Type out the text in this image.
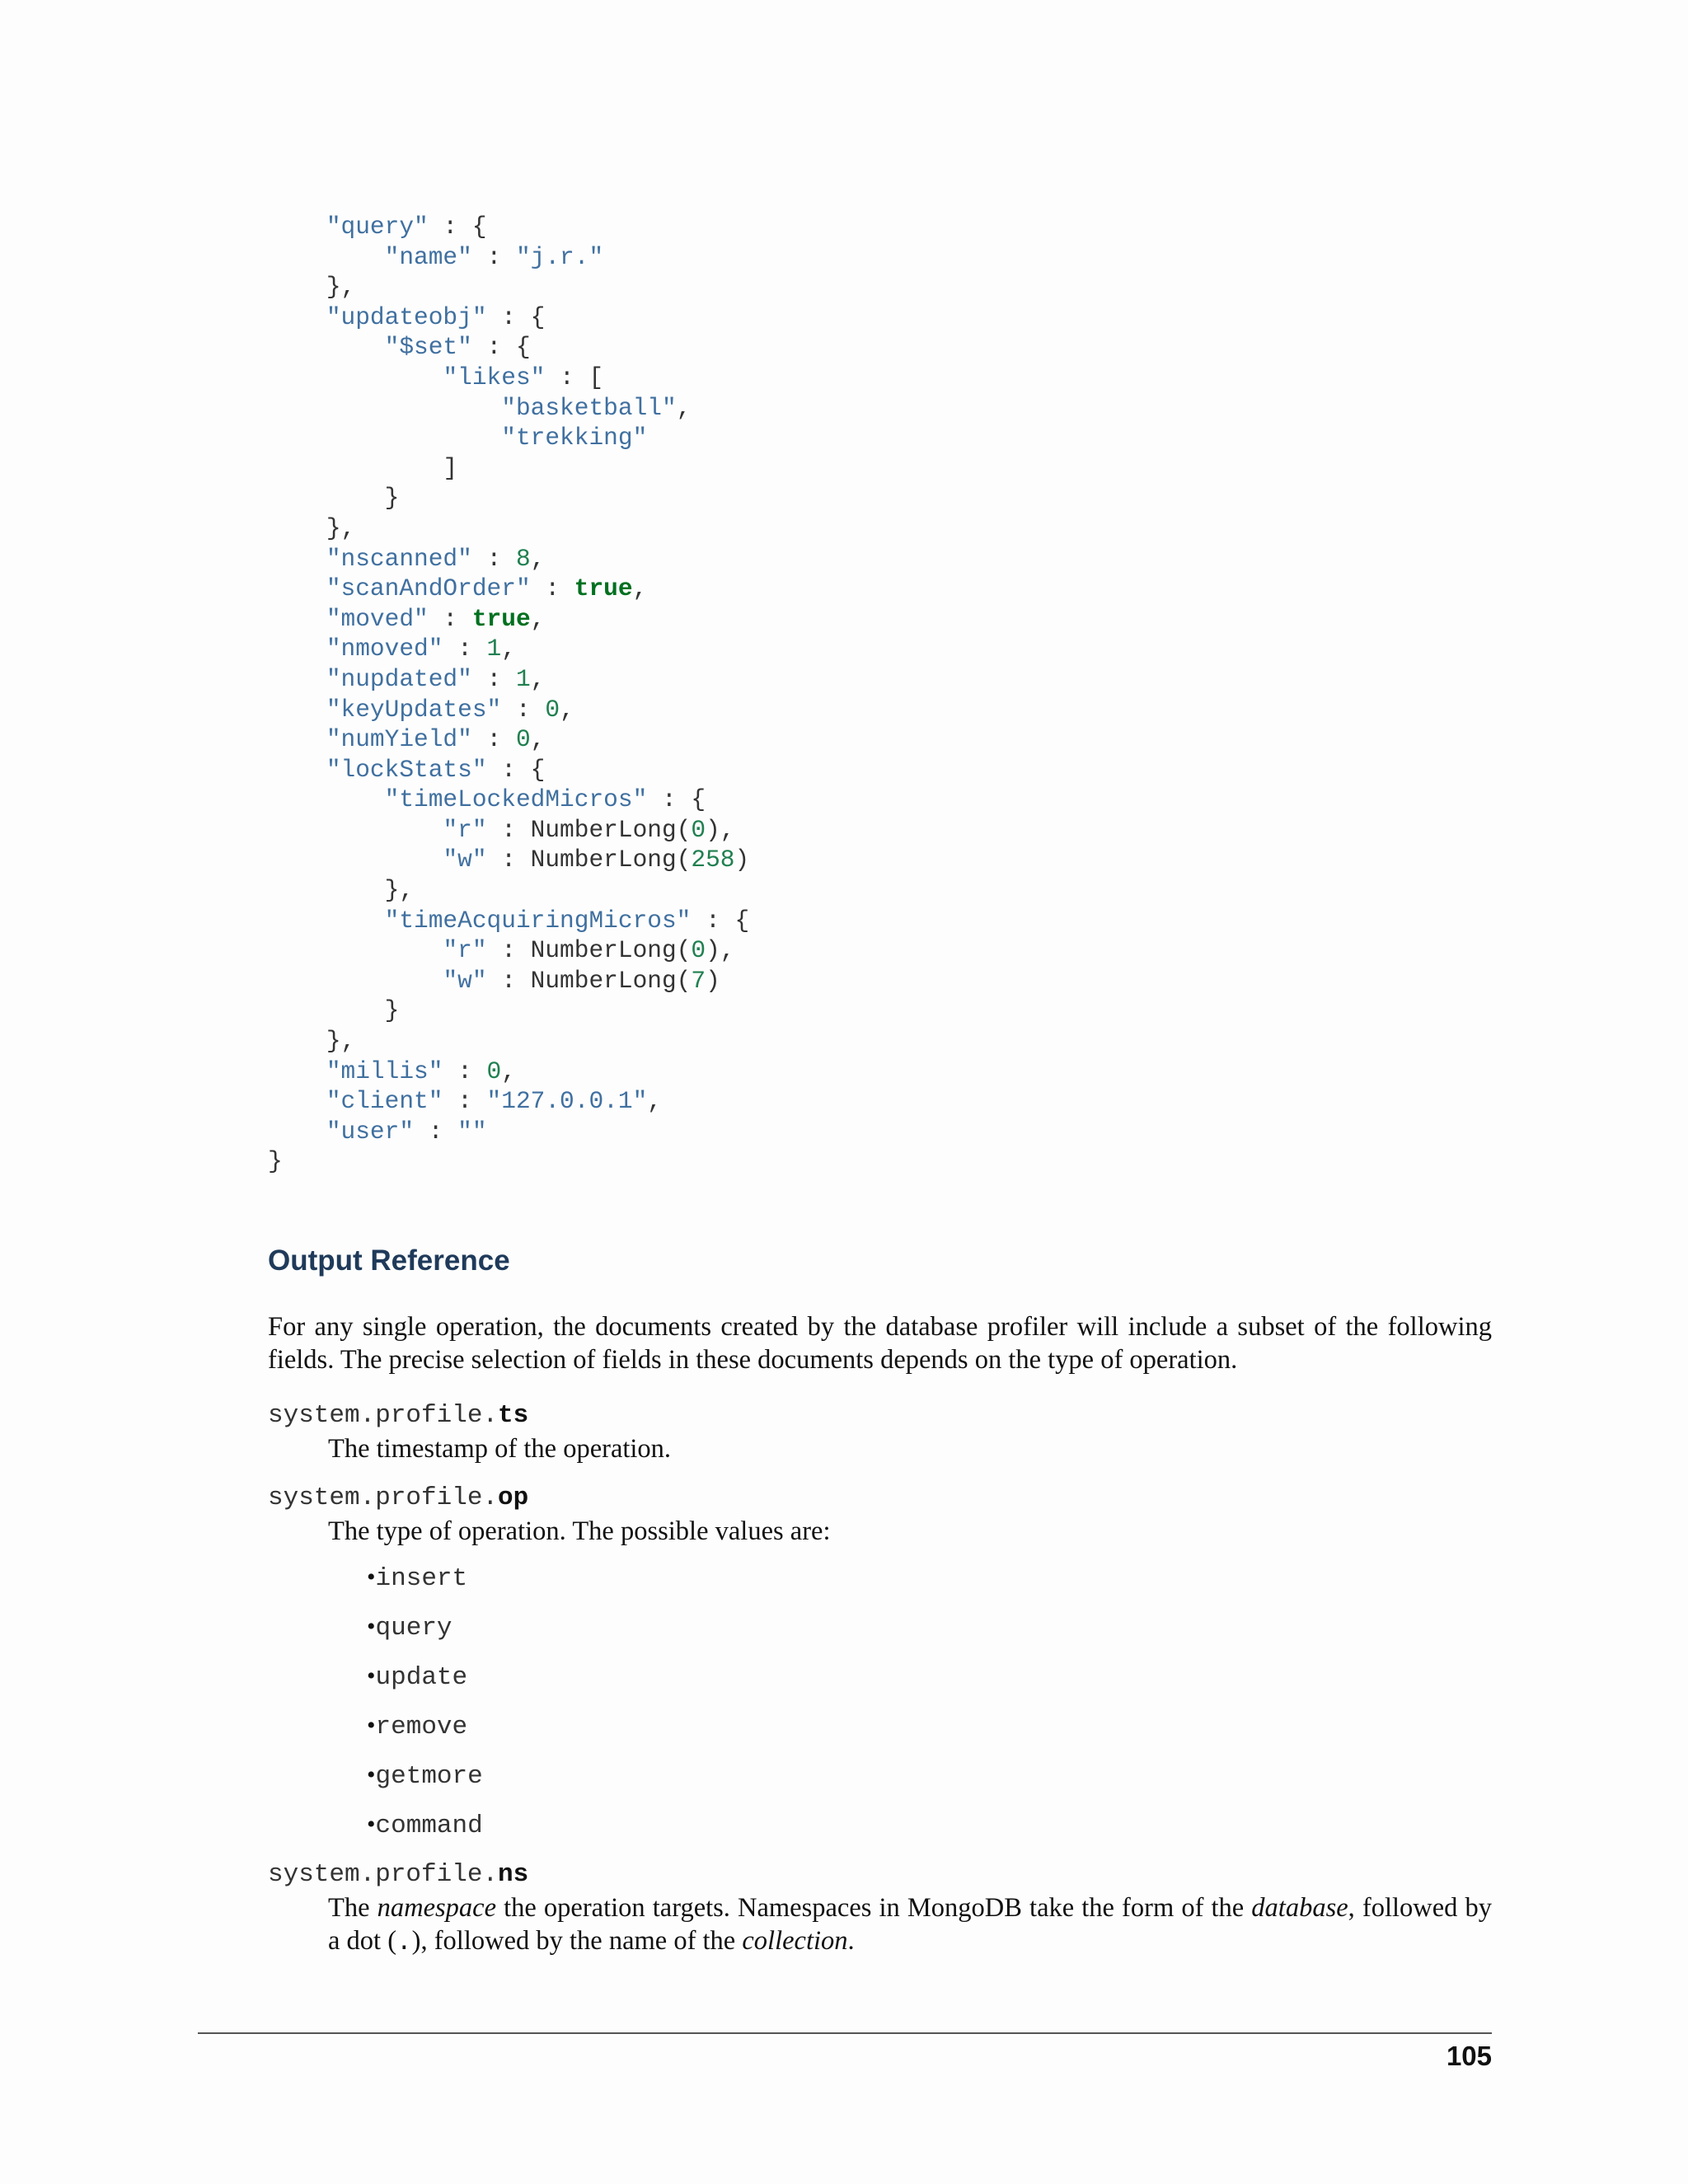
"query" : {
"name" : "j.r."
},
"updateobj" : {
"$set" : {
"likes" : [
"basketball",
"trekking"
]
}
},
"nscanned" : 8,
"scanAndOrder" : true,
"moved" : true,
"nmoved" : 1,
"nupdated" : 1,
"keyUpdates" : 0,
"numYield" : 0,
"lockStats" : {
"timeLockedMicros" : {
"r" : NumberLong(0),
"w" : NumberLong(258)
},
"timeAcquiringMicros" : {
"r" : NumberLong(0),
"w" : NumberLong(7)
}
},
"millis" : 0,
"client" : "127.0.0.1",
"user" : ""
}
Output Reference

For any single operation, the documents created by the database profiler will include a subset of the following fields. The precise selection of fields in these documents depends on the type of operation.

system.profile.ts
The timestamp of the operation.
system.profile.op
The type of operation. The possible values are:
•insert
•query
•update
•remove
•getmore
•command
system.profile.ns
The namespace the operation targets. Namespaces in MongoDB take the form of the database, followed by a dot (.), followed by the name of the collection.
105
